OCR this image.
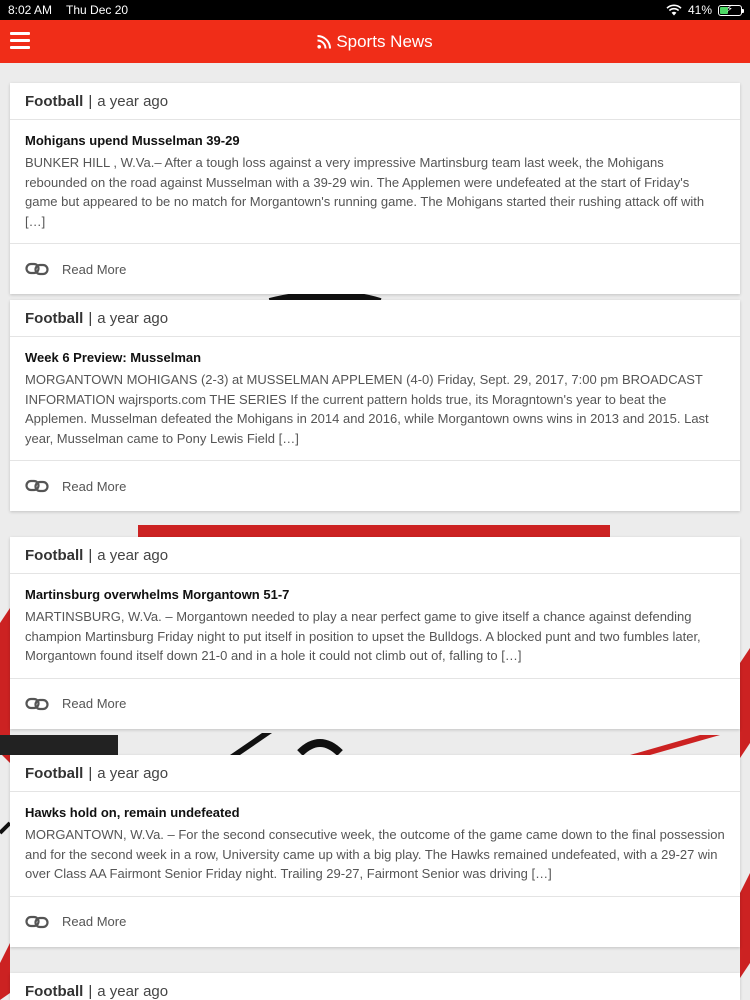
8:02 AM Thu Dec 20	41% ⚡
Sports News
Football | a year ago
Mohigans upend Musselman 39-29
BUNKER HILL , W.Va.– After a tough loss against a very impressive Martinsburg team last week, the Mohigans rebounded on the road against Musselman with a 39-29 win. The Applemen were undefeated at the start of Friday's game but appeared to be no match for Morgantown's running game. The Mohigans started their rushing attack off with […]
Read More
Football | a year ago
Week 6 Preview: Musselman
MORGANTOWN MOHIGANS (2-3) at MUSSELMAN APPLEMEN (4-0) Friday, Sept. 29, 2017, 7:00 pm BROADCAST INFORMATION wajrsports.com THE SERIES If the current pattern holds true, its Moragntown's year to beat the Applemen. Musselman defeated the Mohigans in 2014 and 2016, while Morgantown owns wins in 2013 and 2015. Last year, Musselman came to Pony Lewis Field […]
Read More
Football | a year ago
Martinsburg overwhelms Morgantown 51-7
MARTINSBURG, W.Va. – Morgantown needed to play a near perfect game to give itself a chance against defending champion Martinsburg Friday night to put itself in position to upset the Bulldogs. A blocked punt and two fumbles later, Morgantown found itself down 21-0 and in a hole it could not climb out of, falling to […]
Read More
Football | a year ago
Hawks hold on, remain undefeated
MORGANTOWN, W.Va. – For the second consecutive week, the outcome of the game came down to the final possession and for the second week in a row, University came up with a big play. The Hawks remained undefeated, with a 29-27 win over Class AA Fairmont Senior Friday night. Trailing 29-27, Fairmont Senior was driving […]
Read More
Football | a year ago
